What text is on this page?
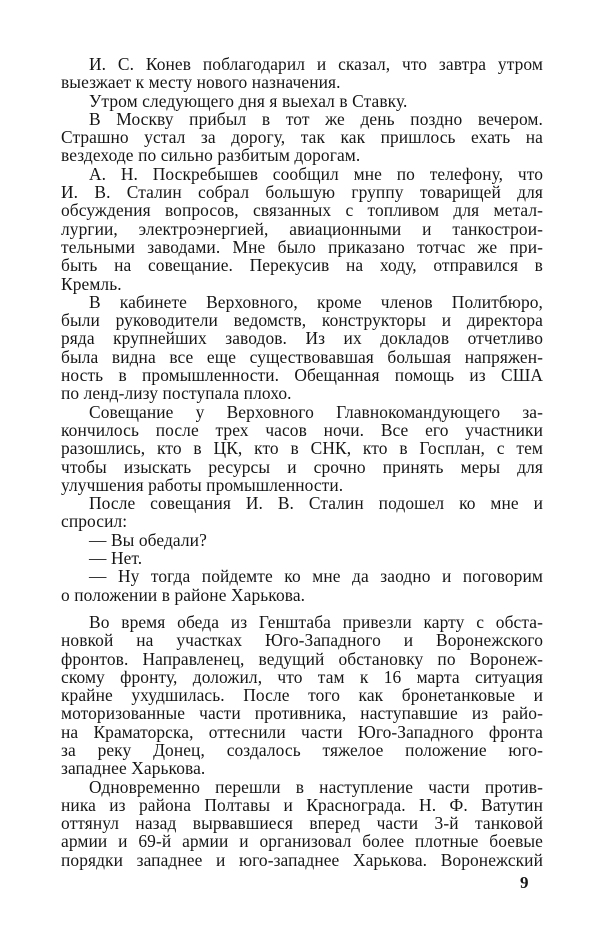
И. С. Конев поблагодарил и сказал, что завтра утром
выезжает к месту нового назначения.
Утром следующего дня я выехал в Ставку.
В Москву прибыл в тот же день поздно вечером.
Страшно устал за дорогу, так как пришлось ехать на
вездеходе по сильно разбитым дорогам.
А. Н. Поскребышев сообщил мне по телефону, что
И. В. Сталин собрал большую группу товарищей для
обсуждения вопросов, связанных с топливом для метал-
лургии, электроэнергией, авиационными и танкострои-
тельными заводами. Мне было приказано тотчас же при-
быть на совещание. Перекусив на ходу, отправился в
Кремль.
В кабинете Верховного, кроме членов Политбюро,
были руководители ведомств, конструкторы и директора
ряда крупнейших заводов. Из их докладов отчетливо
была видна все еще существовавшая большая напряжен-
ность в промышленности. Обещанная помощь из США
по ленд-лизу поступала плохо.
Совещание у Верховного Главнокомандующего за-
кончилось после трех часов ночи. Все его участники
разошлись, кто в ЦК, кто в СНК, кто в Госплан, с тем
чтобы изыскать ресурсы и срочно принять меры для
улучшения работы промышленности.
После совещания И. В. Сталин подошел ко мне и
спросил:
— Вы обедали?
— Нет.
— Ну тогда пойдемте ко мне да заодно и поговорим
о положении в районе Харькова.
Во время обеда из Генштаба привезли карту с обста-
новкой на участках Юго-Западного и Воронежского
фронтов. Направленец, ведущий обстановку по Воронеж-
скому фронту, доложил, что там к 16 марта ситуация
крайне ухудшилась. После того как бронетанковые и
моторизованные части противника, наступавшие из райо-
на Краматорска, оттеснили части Юго-Западного фронта
за реку Донец, создалось тяжелое положение юго-
западнее Харькова.
Одновременно перешли в наступление части против-
ника из района Полтавы и Краснограда. Н. Ф. Ватутин
оттянул назад вырвавшиеся вперед части 3-й танковой
армии и 69-й армии и организовал более плотные боевые
порядки западнее и юго-западнее Харькова. Воронежский
9
